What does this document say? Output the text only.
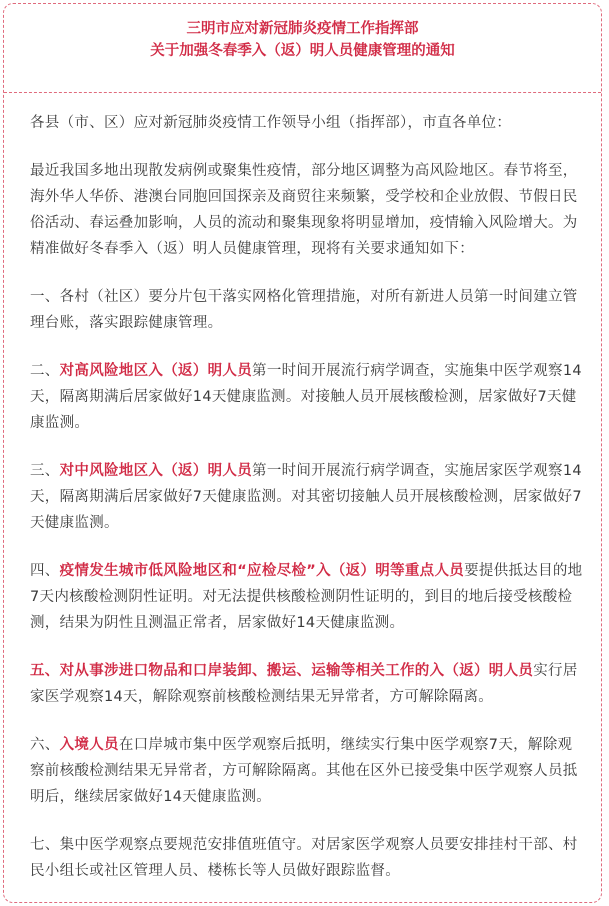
三明市应对新冠肺炎疫情工作指挥部
关于加强冬春季入（返）明人员健康管理的通知

各县（市、区）应对新冠肺炎疫情工作领导小组（指挥部），市直各单位：

最近我国多地出现散发病例或聚集性疫情，部分地区调整为高风险地区。春节将至，海外华人华侨、港澳台同胞回国探亲及商贸往来频繁，受学校和企业放假、节假日民俗活动、春运叠加影响，人员的流动和聚集现象将明显增加，疫情输入风险增大。为精准做好冬春季入（返）明人员健康管理，现将有关要求通知如下：

一、各村（社区）要分片包干落实网格化管理措施，对所有新进人员第一时间建立管理台账，落实跟踪健康管理。

二、对高风险地区入（返）明人员第一时间开展流行病学调查，实施集中医学观察14天，隔离期满后居家做好14天健康监测。对接触人员开展核酸检测，居家做好7天健康监测。

三、对中风险地区入（返）明人员第一时间开展流行病学调查，实施居家医学观察14天，隔离期满后居家做好7天健康监测。对其密切接触人员开展核酸检测，居家做好7天健康监测。

四、疫情发生城市低风险地区和“应检尽检”入（返）明等重点人员要提供抵达目的地7天内核酸检测阴性证明。对无法提供核酸检测阴性证明的，到目的地后接受核酸检测，结果为阴性且测温正常者，居家做好14天健康监测。

五、对从事涉进口物品和口岸装卸、搬运、运输等相关工作的入（返）明人员实行居家医学观察14天，解除观察前核酸检测结果无异常者，方可解除隔离。

六、入境人员在口岸城市集中医学观察后抵明，继续实行集中医学观察7天，解除观察前核酸检测结果无异常者，方可解除隔离。其他在区外已接受集中医学观察人员抵明后，继续居家做好14天健康监测。

七、集中医学观察点要规范安排值班值守。对居家医学观察人员要安排挂村干部、村民小组长或社区管理人员、楼栋长等人员做好跟踪监督。
